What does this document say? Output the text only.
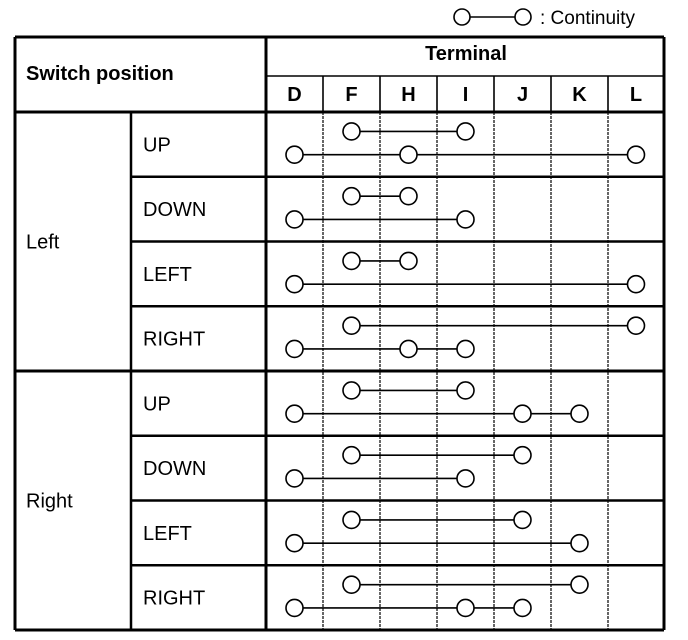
: Continuity
Switch position
Terminal
D F H I J K L
UP
DOWN
LEFT
RIGHT
Left
UP
DOWN
LEFT
RIGHT
Right
